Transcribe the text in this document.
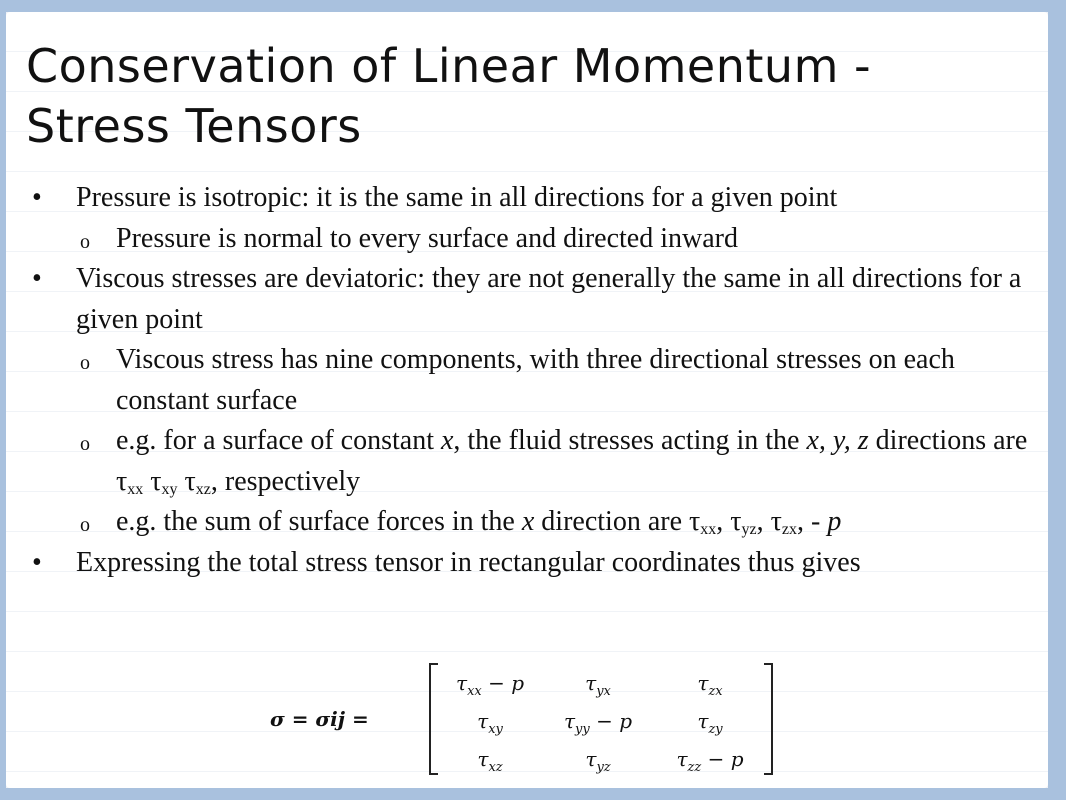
Conservation of Linear Momentum - Stress Tensors
•	Pressure is isotropic: it is the same in all directions for a given point
o Pressure is normal to every surface and directed inward
•	Viscous stresses are deviatoric: they are not generally the same in all directions for a given point
o Viscous stress has nine components, with three directional stresses on each constant surface
o e.g. for a surface of constant x, the fluid stresses acting in the x, y, z directions are $\tau_{xx}$ $\tau_{xy}$ $\tau_{xz}$, respectively
o e.g. the sum of surface forces in the x direction are $\tau_{xx}$, $\tau_{yz}$, $\tau_{zx}$, - p
•	Expressing the total stress tensor in rectangular coordinates thus gives
σ = σij =
$\tau_{xx} - p$	$\tau_{yx}$	$\tau_{zx}$
$\tau_{xy}$	$\tau_{yy} - p$	$\tau_{zy}$
$\tau_{xz}$	$\tau_{yz}$	$\tau_{zz} - p$
